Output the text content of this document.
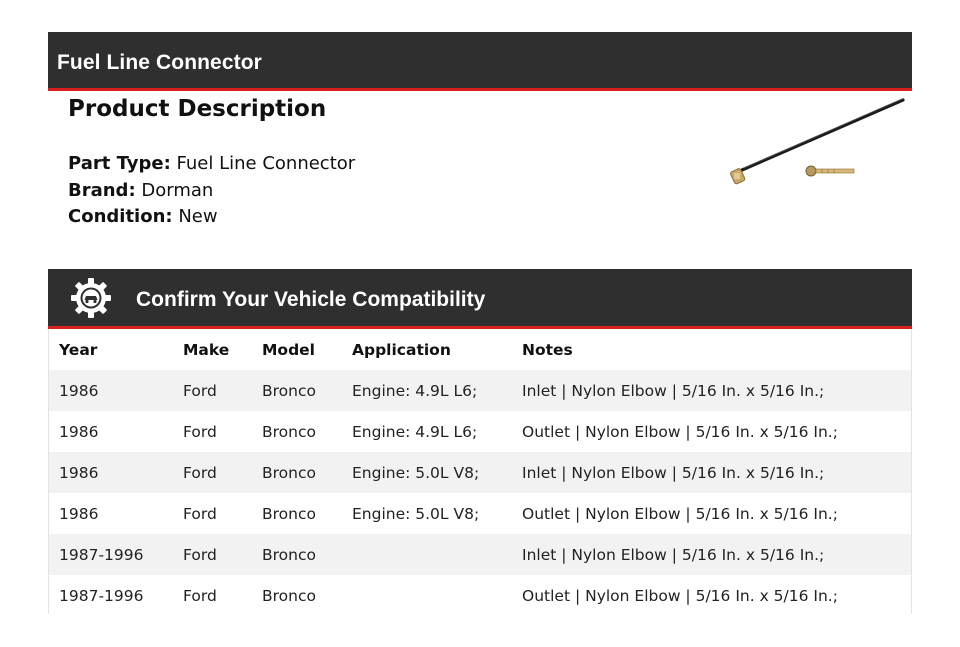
Fuel Line Connector
Product Description
Part Type: Fuel Line Connector
Brand: Dorman
Condition: New
Confirm Your Vehicle Compatibility
Year	Make	Model	Application	Notes
1986	Ford	Bronco	Engine: 4.9L L6;	Inlet | Nylon Elbow | 5/16 In. x 5/16 In.;
1986	Ford	Bronco	Engine: 4.9L L6;	Outlet | Nylon Elbow | 5/16 In. x 5/16 In.;
1986	Ford	Bronco	Engine: 5.0L V8;	Inlet | Nylon Elbow | 5/16 In. x 5/16 In.;
1986	Ford	Bronco	Engine: 5.0L V8;	Outlet | Nylon Elbow | 5/16 In. x 5/16 In.;
1987-1996	Ford	Bronco		Inlet | Nylon Elbow | 5/16 In. x 5/16 In.;
1987-1996	Ford	Bronco		Outlet | Nylon Elbow | 5/16 In. x 5/16 In.;
